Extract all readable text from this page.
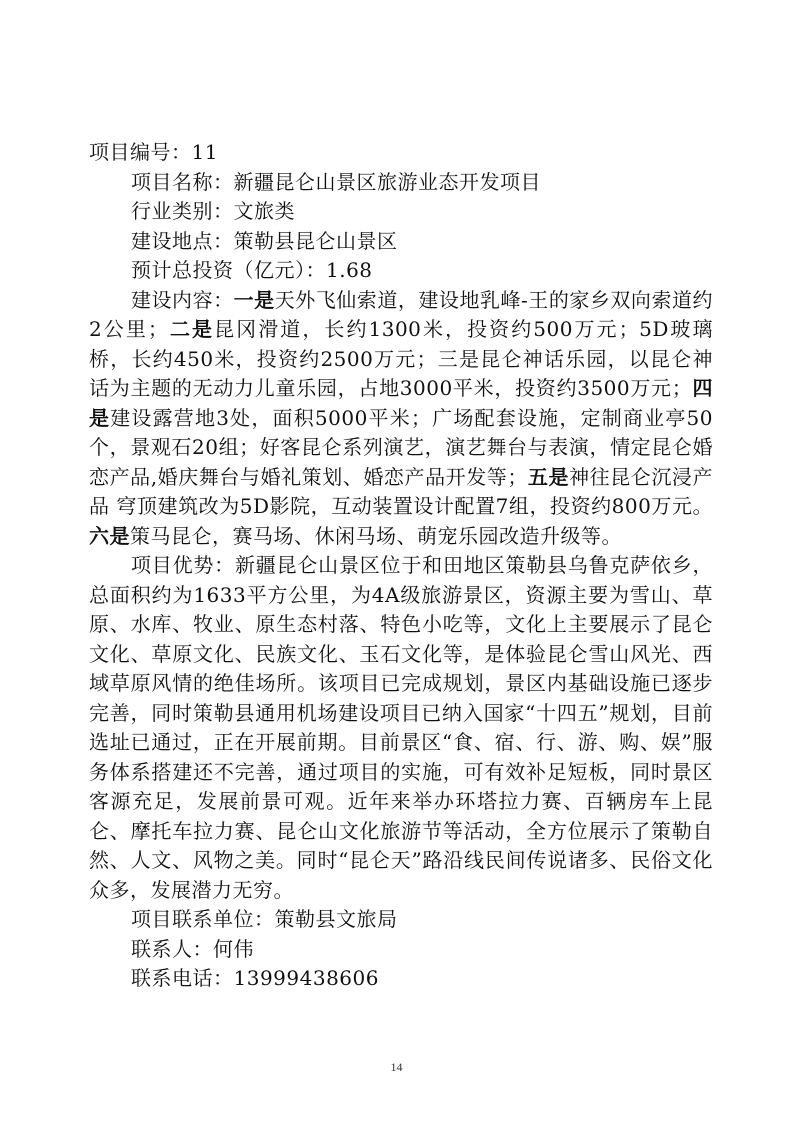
项目编号：11

项目名称：新疆昆仑山景区旅游业态开发项目

行业类别：文旅类

建设地点：策勒县昆仑山景区

预计总投资（亿元）：1.68

建设内容：一是天外飞仙索道，建设地乳峰-王的家乡双向索道约2公里；二是昆冈滑道，长约1300米，投资约500万元；5D玻璃桥，长约450米，投资约2500万元；三是昆仑神话乐园，以昆仑神话为主题的无动力儿童乐园，占地3000平米，投资约3500万元；四是建设露营地3处，面积5000平米；广场配套设施，定制商业亭50个，景观石20组；好客昆仑系列演艺，演艺舞台与表演，情定昆仑婚恋产品,婚庆舞台与婚礼策划、婚恋产品开发等；五是神往昆仑沉浸产品 穹顶建筑改为5D影院，互动装置设计配置7组，投资约800万元。六是策马昆仑，赛马场、休闲马场、萌宠乐园改造升级等。

项目优势：新疆昆仑山景区位于和田地区策勒县乌鲁克萨依乡，总面积约为1633平方公里，为4A级旅游景区，资源主要为雪山、草原、水库、牧业、原生态村落、特色小吃等，文化上主要展示了昆仑文化、草原文化、民族文化、玉石文化等，是体验昆仑雪山风光、西域草原风情的绝佳场所。该项目已完成规划，景区内基础设施已逐步完善，同时策勒县通用机场建设项目已纳入国家“十四五”规划，目前选址已通过，正在开展前期。目前景区“食、宿、行、游、购、娱”服务体系搭建还不完善，通过项目的实施，可有效补足短板，同时景区客源充足，发展前景可观。近年来举办环塔拉力赛、百辆房车上昆仑、摩托车拉力赛、昆仑山文化旅游节等活动，全方位展示了策勒自然、人文、风物之美。同时“昆仑天”路沿线民间传说诸多、民俗文化众多，发展潜力无穷。

项目联系单位：策勒县文旅局

联系人：何伟

联系电话：13999438606

14
